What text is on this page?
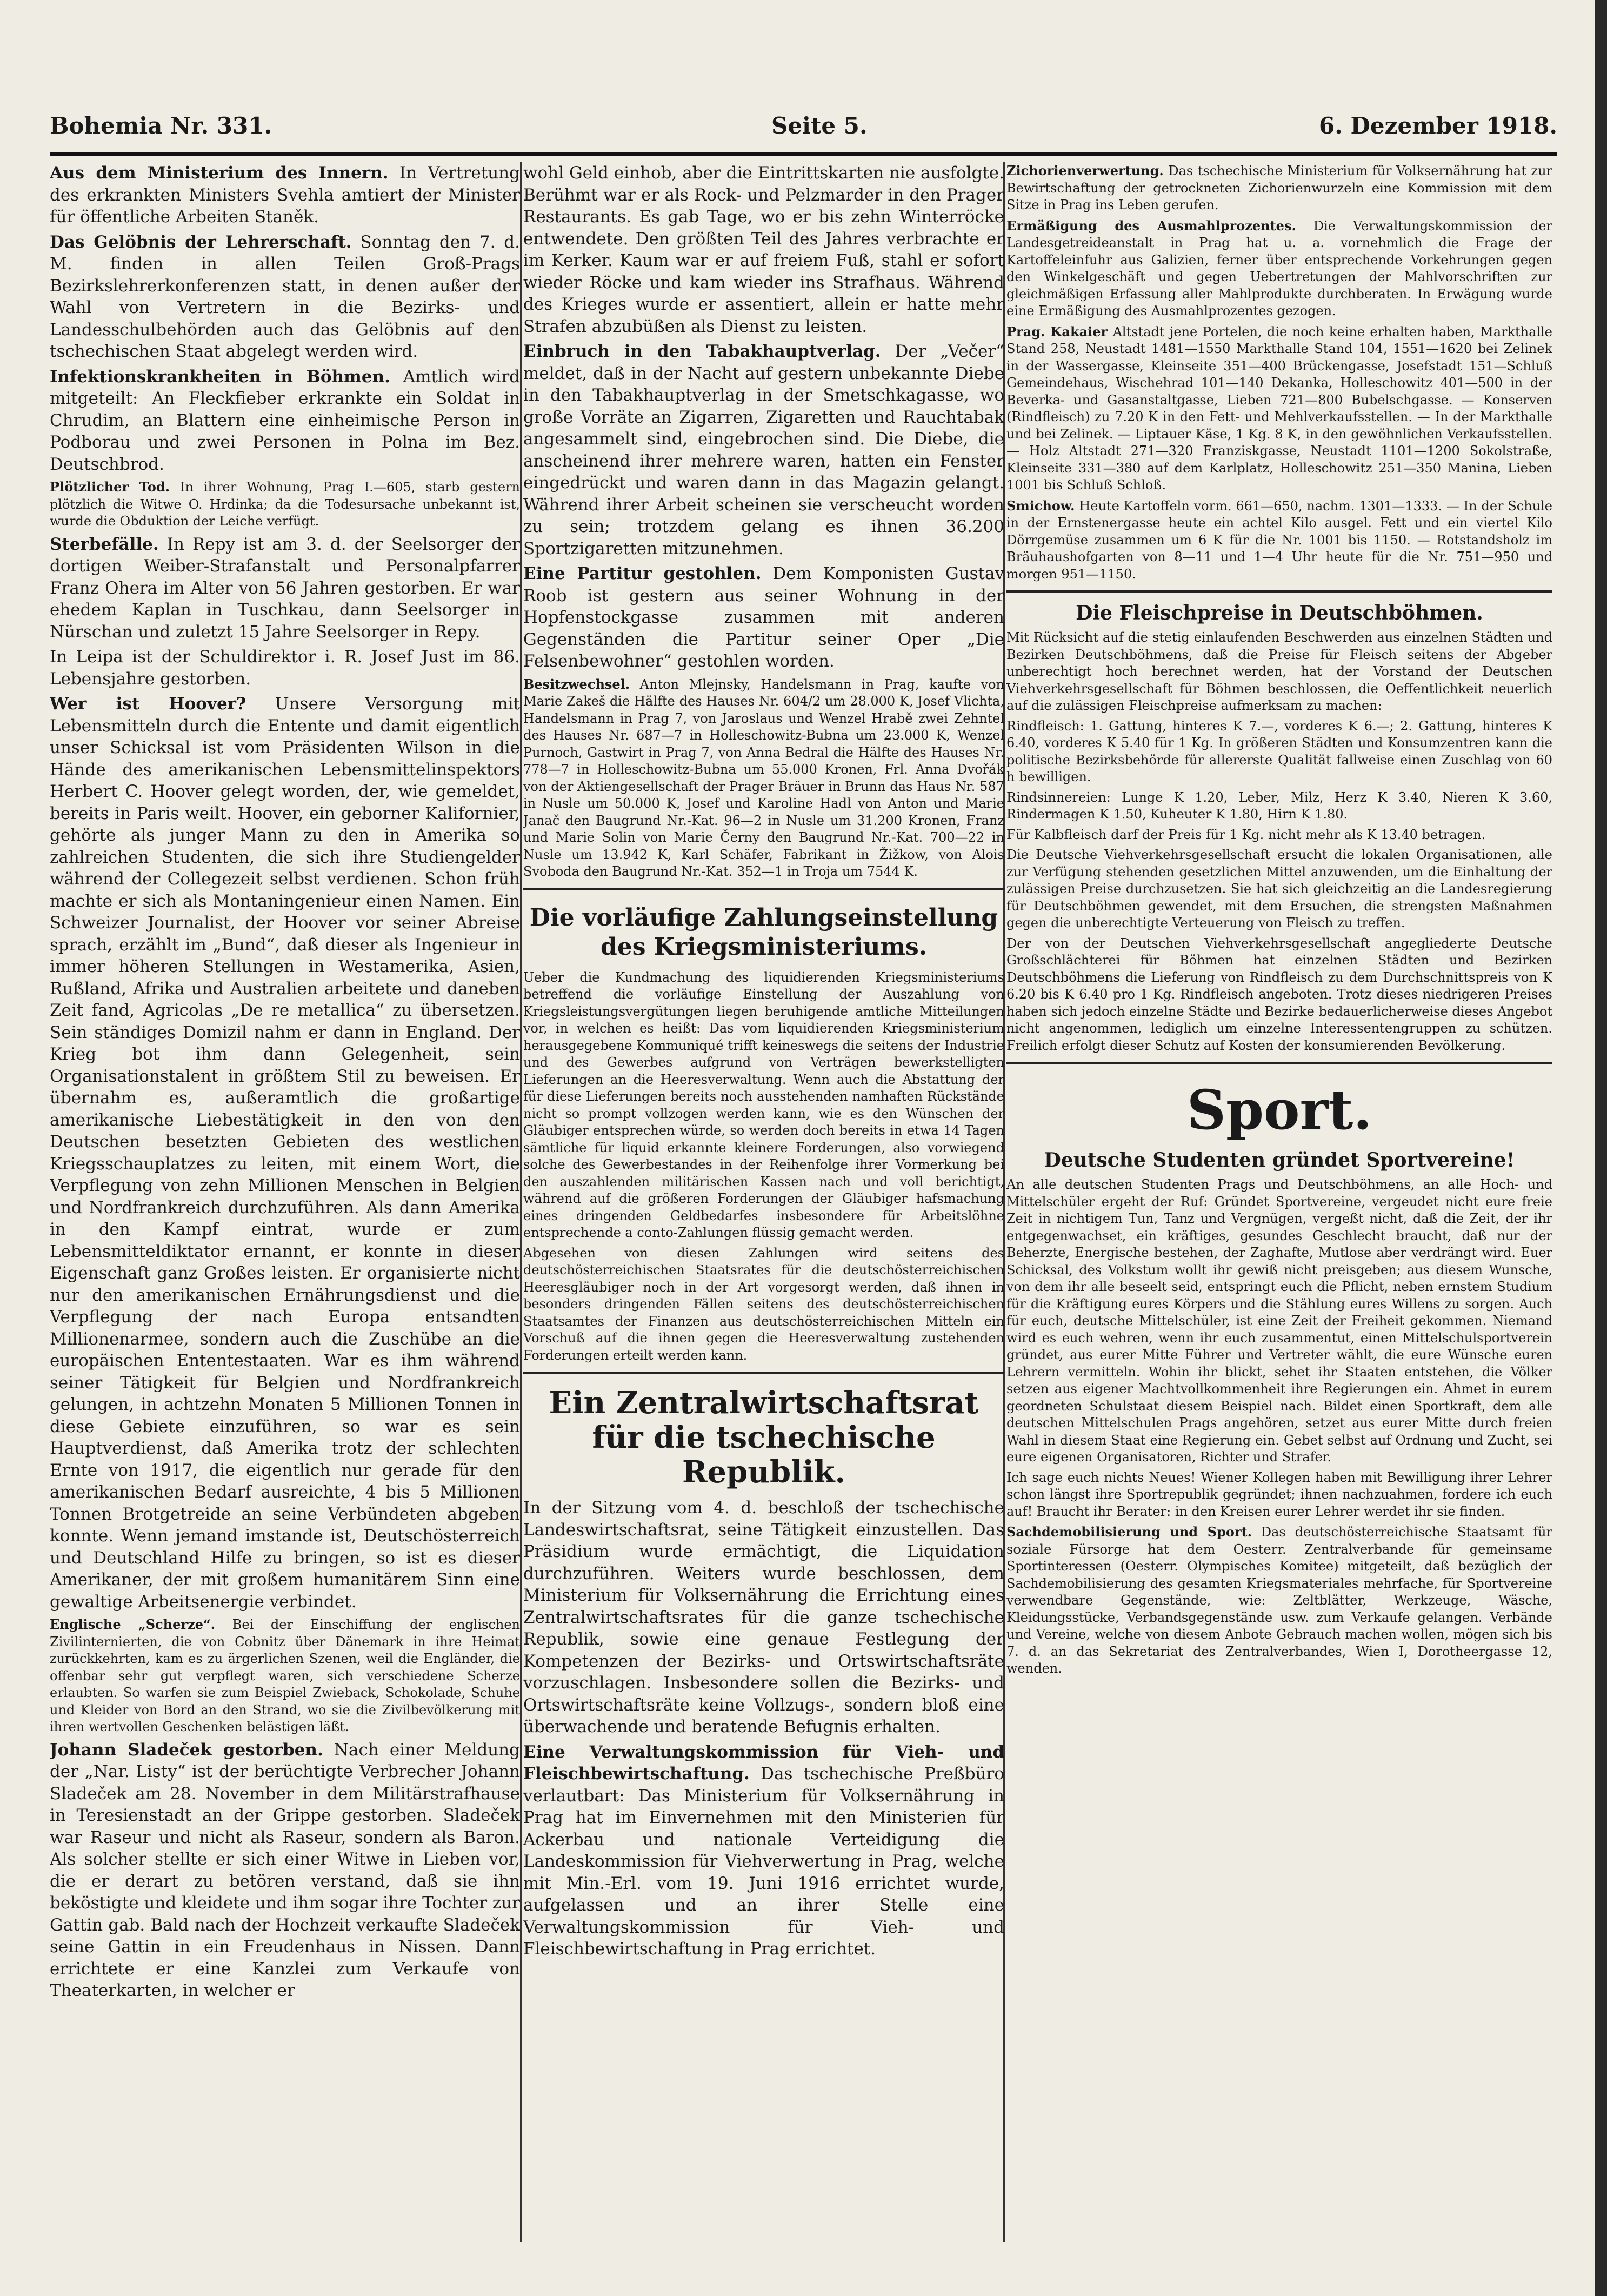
Bohemia Nr. 331.	Seite 5.	6. Dezember 1918.

Aus dem Ministerium des Innern. In Vertretung des erkrankten Ministers Svehla amtiert der Minister für öffentliche Arbeiten Staněk.

Das Gelöbnis der Lehrerschaft. Sonntag den 7. d. M. finden in allen Teilen Groß-Prags Bezirkslehrerkonferenzen statt, in denen außer der Wahl von Vertretern in die Bezirks- und Landesschulbehörden auch das Gelöbnis auf den tschechischen Staat abgelegt werden wird.

Infektionskrankheiten in Böhmen. Amtlich wird mitgeteilt: An Fleckfieber erkrankte ein Soldat in Chrudim, an Blattern eine einheimische Person in Podborau und zwei Personen in Polna im Bez. Deutschbrod.

Plötzlicher Tod. In ihrer Wohnung, Prag I.—605, starb gestern plötzlich die Witwe O. Hrdinka; da die Todesursache unbekannt ist, wurde die Obduktion der Leiche verfügt.

Sterbefälle. In Repy ist am 3. d. der Seelsorger der dortigen Weiber-Strafanstalt und Personalpfarrer Franz Ohera im Alter von 56 Jahren gestorben. Er war ehedem Kaplan in Tuschkau, dann Seelsorger in Nürschan und zuletzt 15 Jahre Seelsorger in Repy.

In Leipa ist der Schuldirektor i. R. Josef Just im 86. Lebensjahre gestorben.

Wer ist Hoover? Unsere Versorgung mit Lebensmitteln durch die Entente und damit eigentlich unser Schicksal ist vom Präsidenten Wilson in die Hände des amerikanischen Lebensmittelinspektors Herbert C. Hoover gelegt worden, der, wie gemeldet, bereits in Paris weilt. Hoover, ein geborner Kalifornier, gehörte als junger Mann zu den in Amerika so zahlreichen Studenten, die sich ihre Studiengelder während der Collegezeit selbst verdienen. Schon früh machte er sich als Montaningenieur einen Namen. Ein Schweizer Journalist, der Hoover vor seiner Abreise sprach, erzählt im „Bund“, daß dieser als Ingenieur in immer höheren Stellungen in Westamerika, Asien, Rußland, Afrika und Australien arbeitete und daneben Zeit fand, Agricolas „De re metallica“ zu übersetzen. Sein ständiges Domizil nahm er dann in England. Der Krieg bot ihm dann Gelegenheit, sein Organisationstalent in größtem Stil zu beweisen. Er übernahm es, außeramtlich die großartige amerikanische Liebestätigkeit in den von den Deutschen besetzten Gebieten des westlichen Kriegsschauplatzes zu leiten, mit einem Wort, die Verpflegung von zehn Millionen Menschen in Belgien und Nordfrankreich durchzuführen. Als dann Amerika in den Kampf eintrat, wurde er zum Lebensmitteldiktator ernannt, er konnte in dieser Eigenschaft ganz Großes leisten. Er organisierte nicht nur den amerikanischen Ernährungsdienst und die Verpflegung der nach Europa entsandten Millionenarmee, sondern auch die Zuschübe an die europäischen Ententestaaten. War es ihm während seiner Tätigkeit für Belgien und Nordfrankreich gelungen, in achtzehn Monaten 5 Millionen Tonnen in diese Gebiete einzuführen, so war es sein Hauptverdienst, daß Amerika trotz der schlechten Ernte von 1917, die eigentlich nur gerade für den amerikanischen Bedarf ausreichte, 4 bis 5 Millionen Tonnen Brotgetreide an seine Verbündeten abgeben konnte. Wenn jemand imstande ist, Deutschösterreich und Deutschland Hilfe zu bringen, so ist es dieser Amerikaner, der mit großem humanitärem Sinn eine gewaltige Arbeitsenergie verbindet.

Englische „Scherze“. Bei der Einschiffung der englischen Zivilinternierten, die von Cobnitz über Dänemark in ihre Heimat zurückkehrten, kam es zu ärgerlichen Szenen, weil die Engländer, die offenbar sehr gut verpflegt waren, sich verschiedene Scherze erlaubten. So warfen sie zum Beispiel Zwieback, Schokolade, Schuhe und Kleider von Bord an den Strand, wo sie die Zivilbevölkerung mit ihren wertvollen Geschenken belästigen läßt.

Johann Sladeček gestorben. Nach einer Meldung der „Nar. Listy“ ist der berüchtigte Verbrecher Johann Sladeček am 28. November in dem Militärstrafhause in Teresienstadt an der Grippe gestorben. Sladeček war Raseur und nicht als Raseur, sondern als Baron. Als solcher stellte er sich einer Witwe in Lieben vor, die er derart zu betören verstand, daß sie ihn beköstigte und kleidete und ihm sogar ihre Tochter zur Gattin gab. Bald nach der Hochzeit verkaufte Sladeček seine Gattin in ein Freudenhaus in Nissen. Dann errichtete er eine Kanzlei zum Verkaufe von Theaterkarten, in welcher er

wohl Geld einhob, aber die Eintrittskarten nie ausfolgte. Berühmt war er als Rock- und Pelzmarder in den Prager Restaurants. Es gab Tage, wo er bis zehn Winterröcke entwendete. Den größten Teil des Jahres verbrachte er im Kerker. Kaum war er auf freiem Fuß, stahl er sofort wieder Röcke und kam wieder ins Strafhaus. Während des Krieges wurde er assentiert, allein er hatte mehr Strafen abzubüßen als Dienst zu leisten.

Einbruch in den Tabakhauptverlag. Der „Večer“ meldet, daß in der Nacht auf gestern unbekannte Diebe in den Tabakhauptverlag in der Smetschkagasse, wo große Vorräte an Zigarren, Zigaretten und Rauchtabak angesammelt sind, eingebrochen sind. Die Diebe, die anscheinend ihrer mehrere waren, hatten ein Fenster eingedrückt und waren dann in das Magazin gelangt. Während ihrer Arbeit scheinen sie verscheucht worden zu sein; trotzdem gelang es ihnen 36.200 Sportzigaretten mitzunehmen.

Eine Partitur gestohlen. Dem Komponisten Gustav Roob ist gestern aus seiner Wohnung in der Hopfenstockgasse zusammen mit anderen Gegenständen die Partitur seiner Oper „Die Felsenbewohner“ gestohlen worden.

Besitzwechsel. Anton Mlejnsky, Handelsmann in Prag, kaufte von Marie Zakeš die Hälfte des Hauses Nr. 604/2 um 28.000 K, Josef Vlichta, Handelsmann in Prag 7, von Jaroslaus und Wenzel Hrabě zwei Zehntel des Hauses Nr. 687—7 in Holleschowitz-Bubna um 23.000 K, Wenzel Purnoch, Gastwirt in Prag 7, von Anna Bedral die Hälfte des Hauses Nr. 778—7 in Holleschowitz-Bubna um 55.000 Kronen, Frl. Anna Dvořák von der Aktiengesellschaft der Prager Bräuer in Brunn das Haus Nr. 587 in Nusle um 50.000 K, Josef und Karoline Hadl von Anton und Marie Janač den Baugrund Nr.-Kat. 96—2 in Nusle um 31.200 Kronen, Franz und Marie Solin von Marie Černy den Baugrund Nr.-Kat. 700—22 in Nusle um 13.942 K, Karl Schäfer, Fabrikant in Žižkow, von Alois Svoboda den Baugrund Nr.-Kat. 352—1 in Troja um 7544 K.

Die vorläufige Zahlungseinstellung des Kriegsministeriums.

Ueber die Kundmachung des liquidierenden Kriegsministeriums betreffend die vorläufige Einstellung der Auszahlung von Kriegsleistungsvergütungen liegen beruhigende amtliche Mitteilungen vor, in welchen es heißt: Das vom liquidierenden Kriegsministerium herausgegebene Kommuniqué trifft keineswegs die seitens der Industrie und des Gewerbes aufgrund von Verträgen bewerkstelligten Lieferungen an die Heeresverwaltung. Wenn auch die Abstattung der für diese Lieferungen bereits noch ausstehenden namhaften Rückstände nicht so prompt vollzogen werden kann, wie es den Wünschen der Gläubiger entsprechen würde, so werden doch bereits in etwa 14 Tagen sämtliche für liquid erkannte kleinere Forderungen, also vorwiegend solche des Gewerbestandes in der Reihenfolge ihrer Vormerkung bei den auszahlenden militärischen Kassen nach und voll berichtigt, während auf die größeren Forderungen der Gläubiger hafsmachung eines dringenden Geldbedarfes insbesondere für Arbeitslöhne entsprechende a conto-Zahlungen flüssig gemacht werden.

Abgesehen von diesen Zahlungen wird seitens des deutschösterreichischen Staatsrates für die deutschösterreichischen Heeresgläubiger noch in der Art vorgesorgt werden, daß ihnen in besonders dringenden Fällen seitens des deutschösterreichischen Staatsamtes der Finanzen aus deutschösterreichischen Mitteln ein Vorschuß auf die ihnen gegen die Heeresverwaltung zustehenden Forderungen erteilt werden kann.

Ein Zentralwirtschaftsrat für die tschechische Republik.

In der Sitzung vom 4. d. beschloß der tschechische Landeswirtschaftsrat, seine Tätigkeit einzustellen. Das Präsidium wurde ermächtigt, die Liquidation durchzuführen. Weiters wurde beschlossen, dem Ministerium für Volksernährung die Errichtung eines Zentralwirtschaftsrates für die ganze tschechische Republik, sowie eine genaue Festlegung der Kompetenzen der Bezirks- und Ortswirtschaftsräte vorzuschlagen. Insbesondere sollen die Bezirks- und Ortswirtschaftsräte keine Vollzugs-, sondern bloß eine überwachende und beratende Befugnis erhalten.

Eine Verwaltungskommission für Vieh- und Fleischbewirtschaftung. Das tschechische Preßbüro verlautbart: Das Ministerium für Volksernährung in Prag hat im Einvernehmen mit den Ministerien für Ackerbau und nationale Verteidigung die Landeskommission für Viehverwertung in Prag, welche mit Min.-Erl. vom 19. Juni 1916 errichtet wurde, aufgelassen und an ihrer Stelle eine Verwaltungskommission für Vieh- und Fleischbewirtschaftung in Prag errichtet.

Zichorienverwertung. Das tschechische Ministerium für Volksernährung hat zur Bewirtschaftung der getrockneten Zichorienwurzeln eine Kommission mit dem Sitze in Prag ins Leben gerufen.

Ermäßigung des Ausmahlprozentes. Die Verwaltungskommission der Landesgetreideanstalt in Prag hat u. a. vornehmlich die Frage der Kartoffeleinfuhr aus Galizien, ferner über entsprechende Vorkehrungen gegen den Winkelgeschäft und gegen Uebertretungen der Mahlvorschriften zur gleichmäßigen Erfassung aller Mahlprodukte durchberaten. In Erwägung wurde eine Ermäßigung des Ausmahlprozentes gezogen.

Prag. Kakaier Altstadt jene Portelen, die noch keine erhalten haben, Markthalle Stand 258, Neustadt 1481—1550 Markthalle Stand 104, 1551—1620 bei Zelinek in der Wassergasse, Kleinseite 351—400 Brückengasse, Josefstadt 151—Schluß Gemeindehaus, Wischehrad 101—140 Dekanka, Holleschowitz 401—500 in der Beverka- und Gasanstaltgasse, Lieben 721—800 Bubelschgasse. — Konserven (Rindfleisch) zu 7.20 K in den Fett- und Mehlverkaufsstellen. — In der Markthalle und bei Zelinek. — Liptauer Käse, 1 Kg. 8 K, in den gewöhnlichen Verkaufsstellen. — Holz Altstadt 271—320 Franziskgasse, Neustadt 1101—1200 Sokolstraße, Kleinseite 331—380 auf dem Karlplatz, Holleschowitz 251—350 Manina, Lieben 1001 bis Schluß Schloß.

Smichow. Heute Kartoffeln vorm. 661—650, nachm. 1301—1333. — In der Schule in der Ernstenergasse heute ein achtel Kilo ausgel. Fett und ein viertel Kilo Dörrgemüse zusammen um 6 K für die Nr. 1001 bis 1150. — Rotstandsholz im Bräuhaushofgarten von 8—11 und 1—4 Uhr heute für die Nr. 751—950 und morgen 951—1150.

Die Fleischpreise in Deutschböhmen.

Mit Rücksicht auf die stetig einlaufenden Beschwerden aus einzelnen Städten und Bezirken Deutschböhmens, daß die Preise für Fleisch seitens der Abgeber unberechtigt hoch berechnet werden, hat der Vorstand der Deutschen Viehverkehrsgesellschaft für Böhmen beschlossen, die Oeffentlichkeit neuerlich auf die zulässigen Fleischpreise aufmerksam zu machen:

Rindfleisch: 1. Gattung, hinteres K 7.—, vorderes K 6.—; 2. Gattung, hinteres K 6.40, vorderes K 5.40 für 1 Kg. In größeren Städten und Konsumzentren kann die politische Bezirksbehörde für allererste Qualität fallweise einen Zuschlag von 60 h bewilligen.

Rindsinnereien: Lunge K 1.20, Leber, Milz, Herz K 3.40, Nieren K 3.60, Rindermagen K 1.50, Kuheuter K 1.80, Hirn K 1.80.

Für Kalbfleisch darf der Preis für 1 Kg. nicht mehr als K 13.40 betragen.

Die Deutsche Viehverkehrsgesellschaft ersucht die lokalen Organisationen, alle zur Verfügung stehenden gesetzlichen Mittel anzuwenden, um die Einhaltung der zulässigen Preise durchzusetzen. Sie hat sich gleichzeitig an die Landesregierung für Deutschböhmen gewendet, mit dem Ersuchen, die strengsten Maßnahmen gegen die unberechtigte Verteuerung von Fleisch zu treffen.

Der von der Deutschen Viehverkehrsgesellschaft angegliederte Deutsche Großschlächterei für Böhmen hat einzelnen Städten und Bezirken Deutschböhmens die Lieferung von Rindfleisch zu dem Durchschnittspreis von K 6.20 bis K 6.40 pro 1 Kg. Rindfleisch angeboten. Trotz dieses niedrigeren Preises haben sich jedoch einzelne Städte und Bezirke bedauerlicherweise dieses Angebot nicht angenommen, lediglich um einzelne Interessentengruppen zu schützen. Freilich erfolgt dieser Schutz auf Kosten der konsumierenden Bevölkerung.

Sport.
Deutsche Studenten gründet Sportvereine!

An alle deutschen Studenten Prags und Deutschböhmens, an alle Hoch- und Mittelschüler ergeht der Ruf: Gründet Sportvereine, vergeudet nicht eure freie Zeit in nichtigem Tun, Tanz und Vergnügen, vergeßt nicht, daß die Zeit, der ihr entgegenwachset, ein kräftiges, gesundes Geschlecht braucht, daß nur der Beherzte, Energische bestehen, der Zaghafte, Mutlose aber verdrängt wird. Euer Schicksal, des Volkstum wollt ihr gewiß nicht preisgeben; aus diesem Wunsche, von dem ihr alle beseelt seid, entspringt euch die Pflicht, neben ernstem Studium für die Kräftigung eures Körpers und die Stählung eures Willens zu sorgen. Auch für euch, deutsche Mittelschüler, ist eine Zeit der Freiheit gekommen. Niemand wird es euch wehren, wenn ihr euch zusammentut, einen Mittelschulsportverein gründet, aus eurer Mitte Führer und Vertreter wählt, die eure Wünsche euren Lehrern vermitteln. Wohin ihr blickt, sehet ihr Staaten entstehen, die Völker setzen aus eigener Machtvollkommenheit ihre Regierungen ein. Ahmet in eurem geordneten Schulstaat diesem Beispiel nach. Bildet einen Sportkraft, dem alle deutschen Mittelschulen Prags angehören, setzet aus eurer Mitte durch freien Wahl in diesem Staat eine Regierung ein. Gebet selbst auf Ordnung und Zucht, sei eure eigenen Organisatoren, Richter und Strafer.

Ich sage euch nichts Neues! Wiener Kollegen haben mit Bewilligung ihrer Lehrer schon längst ihre Sportrepublik gegründet; ihnen nachzuahmen, fordere ich euch auf! Braucht ihr Berater: in den Kreisen eurer Lehrer werdet ihr sie finden.

Sachdemobilisierung und Sport. Das deutschösterreichische Staatsamt für soziale Fürsorge hat dem Oesterr. Zentralverbande für gemeinsame Sportinteressen (Oesterr. Olympisches Komitee) mitgeteilt, daß bezüglich der Sachdemobilisierung des gesamten Kriegsmateriales mehrfache, für Sportvereine verwendbare Gegenstände, wie: Zeltblätter, Werkzeuge, Wäsche, Kleidungsstücke, Verbandsgegenstände usw. zum Verkaufe gelangen. Verbände und Vereine, welche von diesem Anbote Gebrauch machen wollen, mögen sich bis 7. d. an das Sekretariat des Zentralverbandes, Wien I, Dorotheergasse 12, wenden.
